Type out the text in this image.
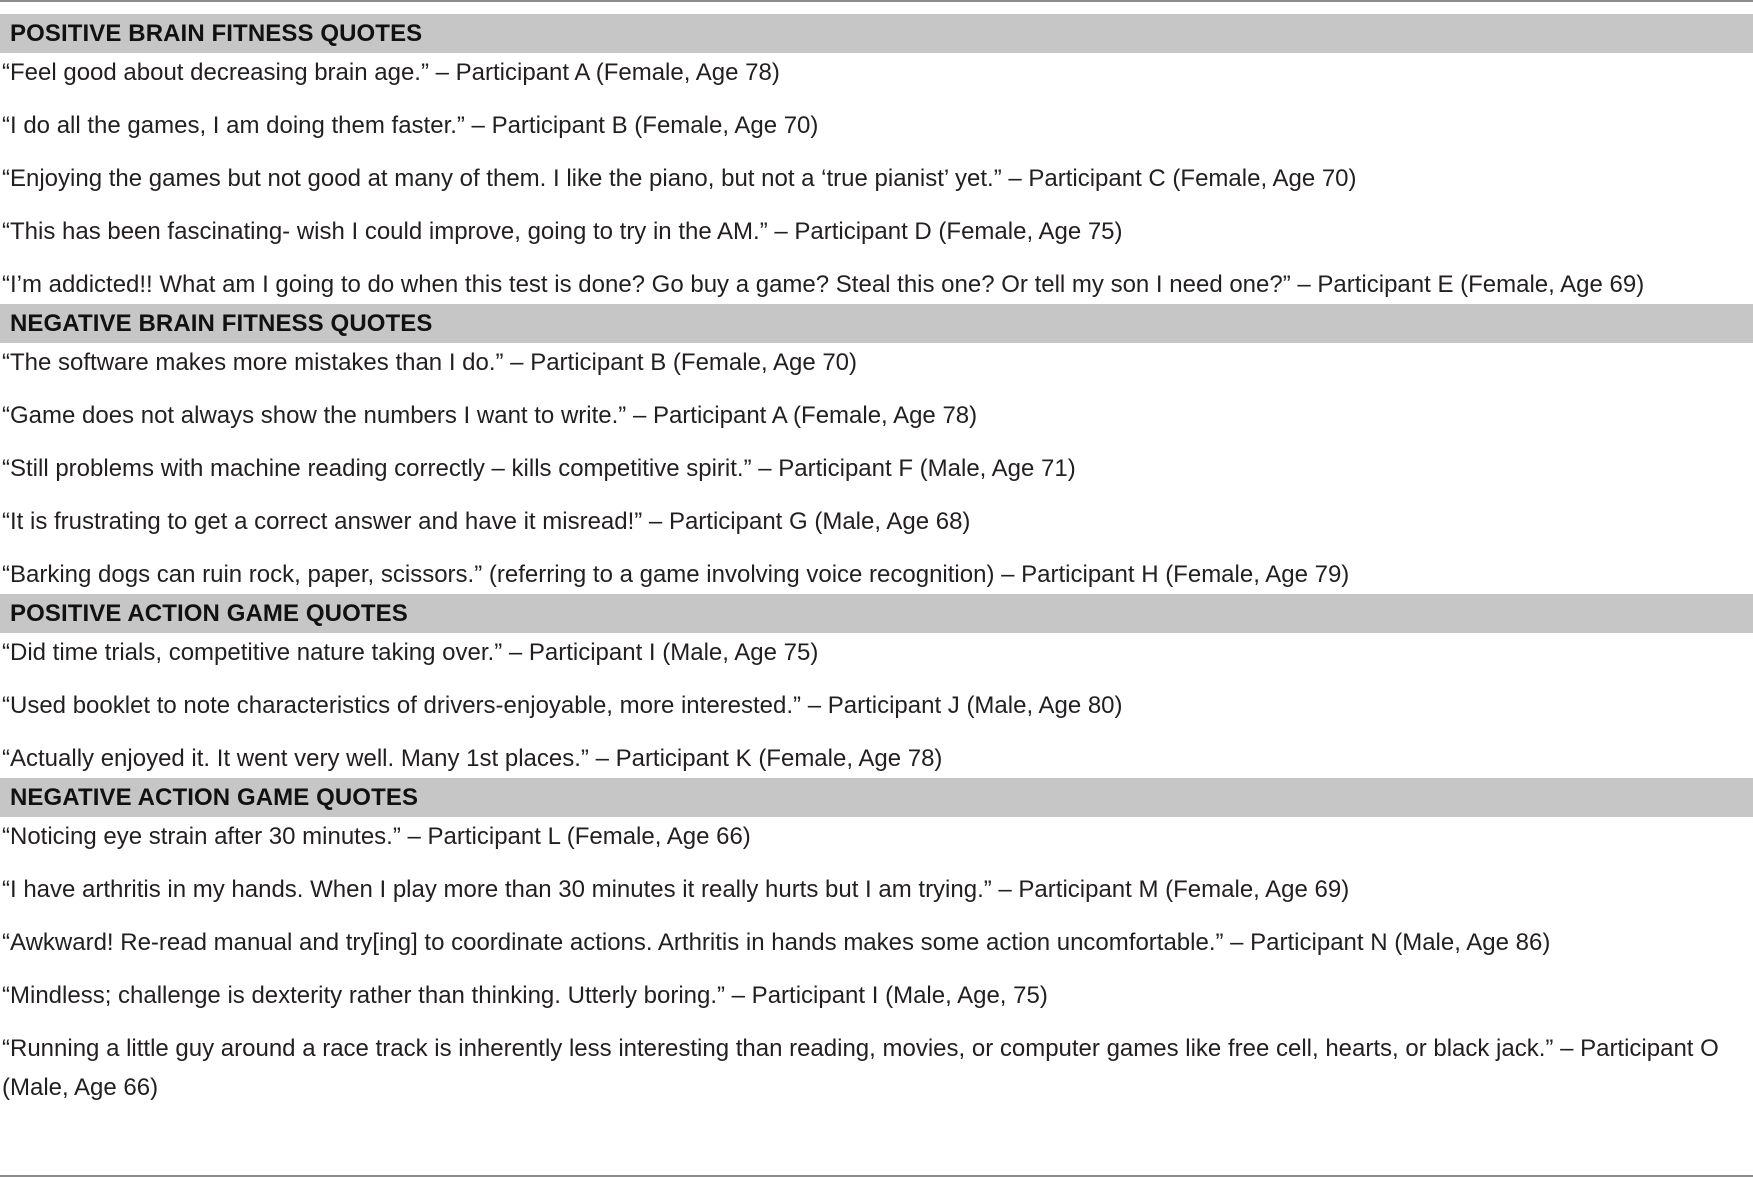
POSITIVE BRAIN FITNESS QUOTES
“Feel good about decreasing brain age.” – Participant A (Female, Age 78)
“I do all the games, I am doing them faster.” – Participant B (Female, Age 70)
“Enjoying the games but not good at many of them. I like the piano, but not a ‘true pianist’ yet.” – Participant C (Female, Age 70)
“This has been fascinating- wish I could improve, going to try in the AM.” – Participant D (Female, Age 75)
“I’m addicted!! What am I going to do when this test is done? Go buy a game? Steal this one? Or tell my son I need one?” – Participant E (Female, Age 69)
NEGATIVE BRAIN FITNESS QUOTES
“The software makes more mistakes than I do.” – Participant B (Female, Age 70)
“Game does not always show the numbers I want to write.” – Participant A (Female, Age 78)
“Still problems with machine reading correctly – kills competitive spirit.” – Participant F (Male, Age 71)
“It is frustrating to get a correct answer and have it misread!” – Participant G (Male, Age 68)
“Barking dogs can ruin rock, paper, scissors.” (referring to a game involving voice recognition) – Participant H (Female, Age 79)
POSITIVE ACTION GAME QUOTES
“Did time trials, competitive nature taking over.” – Participant I (Male, Age 75)
“Used booklet to note characteristics of drivers-enjoyable, more interested.” – Participant J (Male, Age 80)
“Actually enjoyed it. It went very well. Many 1st places.” – Participant K (Female, Age 78)
NEGATIVE ACTION GAME QUOTES
“Noticing eye strain after 30 minutes.” – Participant L (Female, Age 66)
“I have arthritis in my hands. When I play more than 30 minutes it really hurts but I am trying.” – Participant M (Female, Age 69)
“Awkward! Re-read manual and try[ing] to coordinate actions. Arthritis in hands makes some action uncomfortable.” – Participant N (Male, Age 86)
“Mindless; challenge is dexterity rather than thinking. Utterly boring.” – Participant I (Male, Age, 75)
“Running a little guy around a race track is inherently less interesting than reading, movies, or computer games like free cell, hearts, or black jack.” – Participant O (Male, Age 66)
